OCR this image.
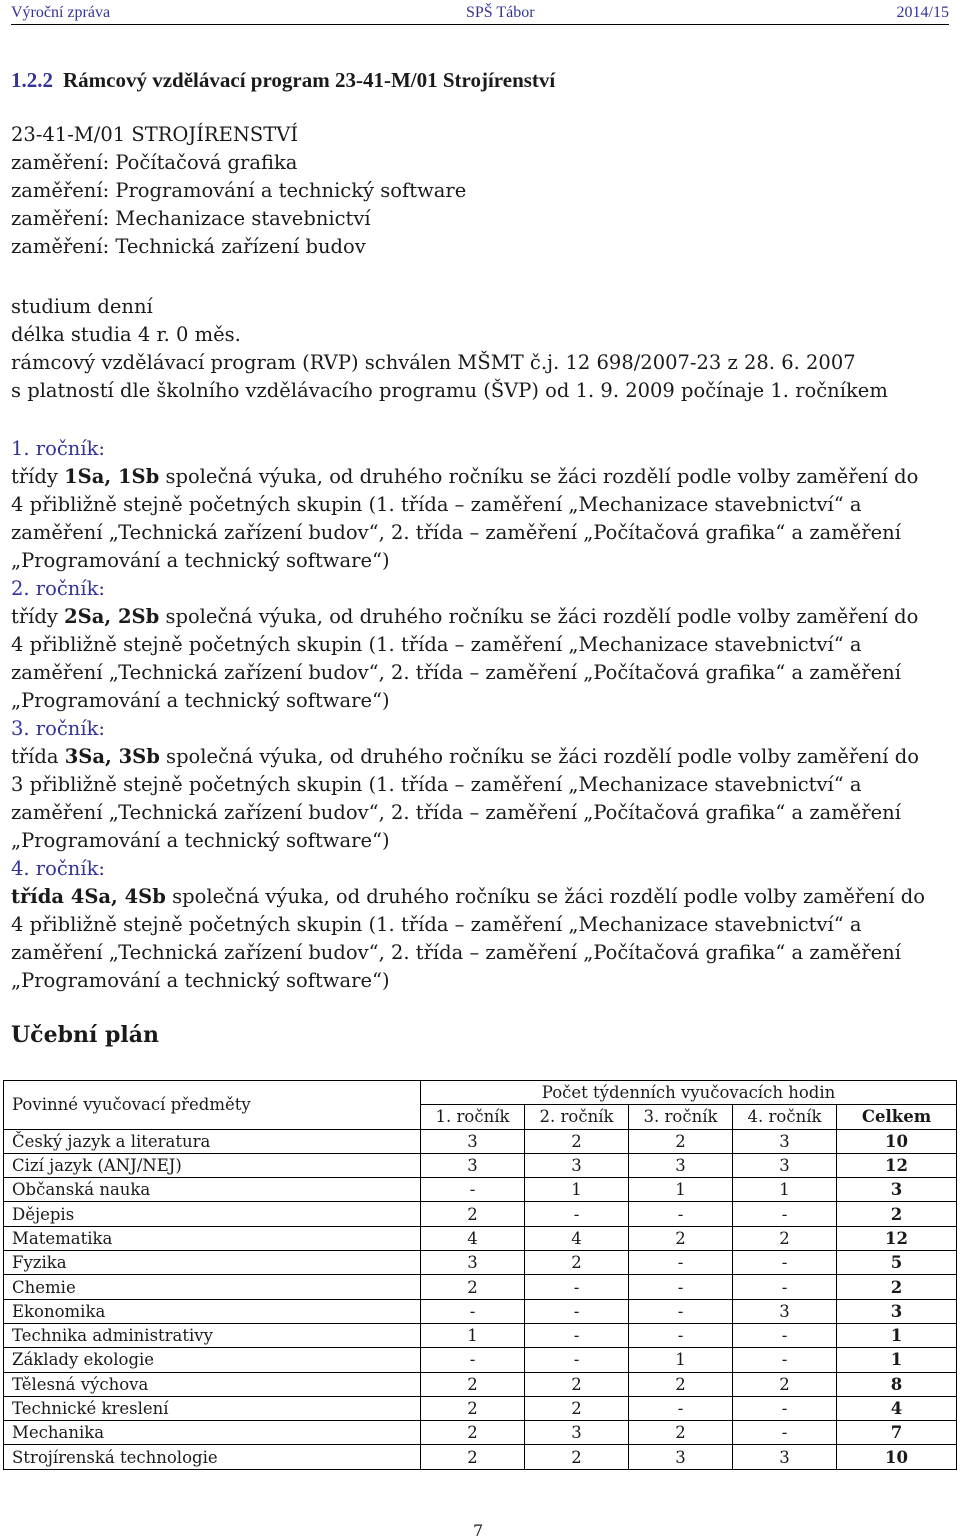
Výroční zpráva	SPŠ Tábor	2014/15
1.2.2 Rámcový vzdělávací program 23-41-M/01 Strojírenství
23-41-M/01 STROJÍRENSTVÍ
zaměření: Počítačová grafika
zaměření: Programování a technický software
zaměření: Mechanizace stavebnictví
zaměření: Technická zařízení budov
studium denní
délka studia 4 r. 0 měs.
rámcový vzdělávací program (RVP) schválen MŠMT č.j. 12 698/2007-23 z 28. 6. 2007
s platností dle školního vzdělávacího programu (ŠVP) od 1. 9. 2009 počínaje 1. ročníkem
1. ročník:
třídy 1Sa, 1Sb společná výuka, od druhého ročníku se žáci rozdělí podle volby zaměření do
4 přibližně stejně početných skupin (1. třída – zaměření „Mechanizace stavebnictví“ a
zaměření „Technická zařízení budov“, 2. třída – zaměření „Počítačová grafika“ a zaměření
„Programování a technický software“)
2. ročník:
třídy 2Sa, 2Sb společná výuka, od druhého ročníku se žáci rozdělí podle volby zaměření do
4 přibližně stejně početných skupin (1. třída – zaměření „Mechanizace stavebnictví“ a
zaměření „Technická zařízení budov“, 2. třída – zaměření „Počítačová grafika“ a zaměření
„Programování a technický software“)
3. ročník:
třída 3Sa, 3Sb společná výuka, od druhého ročníku se žáci rozdělí podle volby zaměření do
3 přibližně stejně početných skupin (1. třída – zaměření „Mechanizace stavebnictví“ a
zaměření „Technická zařízení budov“, 2. třída – zaměření „Počítačová grafika“ a zaměření
„Programování a technický software“)
4. ročník:
třída 4Sa, 4Sb společná výuka, od druhého ročníku se žáci rozdělí podle volby zaměření do
4 přibližně stejně početných skupin (1. třída – zaměření „Mechanizace stavebnictví“ a
zaměření „Technická zařízení budov“, 2. třída – zaměření „Počítačová grafika“ a zaměření
„Programování a technický software“)
Učební plán
Povinné vyučovací předměty	Počet týdenních vyučovacích hodin				
	1. ročník	2. ročník	3. ročník	4. ročník	Celkem
Český jazyk a literatura	3	2	2	3	10
Cizí jazyk (ANJ/NEJ)	3	3	3	3	12
Občanská nauka	-	1	1	1	3
Dějepis	2	-	-	-	2
Matematika	4	4	2	2	12
Fyzika	3	2	-	-	5
Chemie	2	-	-	-	2
Ekonomika	-	-	-	3	3
Technika administrativy	1	-	-	-	1
Základy ekologie	-	-	1	-	1
Tělesná výchova	2	2	2	2	8
Technické kreslení	2	2	-	-	4
Mechanika	2	3	2	-	7
Strojírenská technologie	2	2	3	3	10
7
